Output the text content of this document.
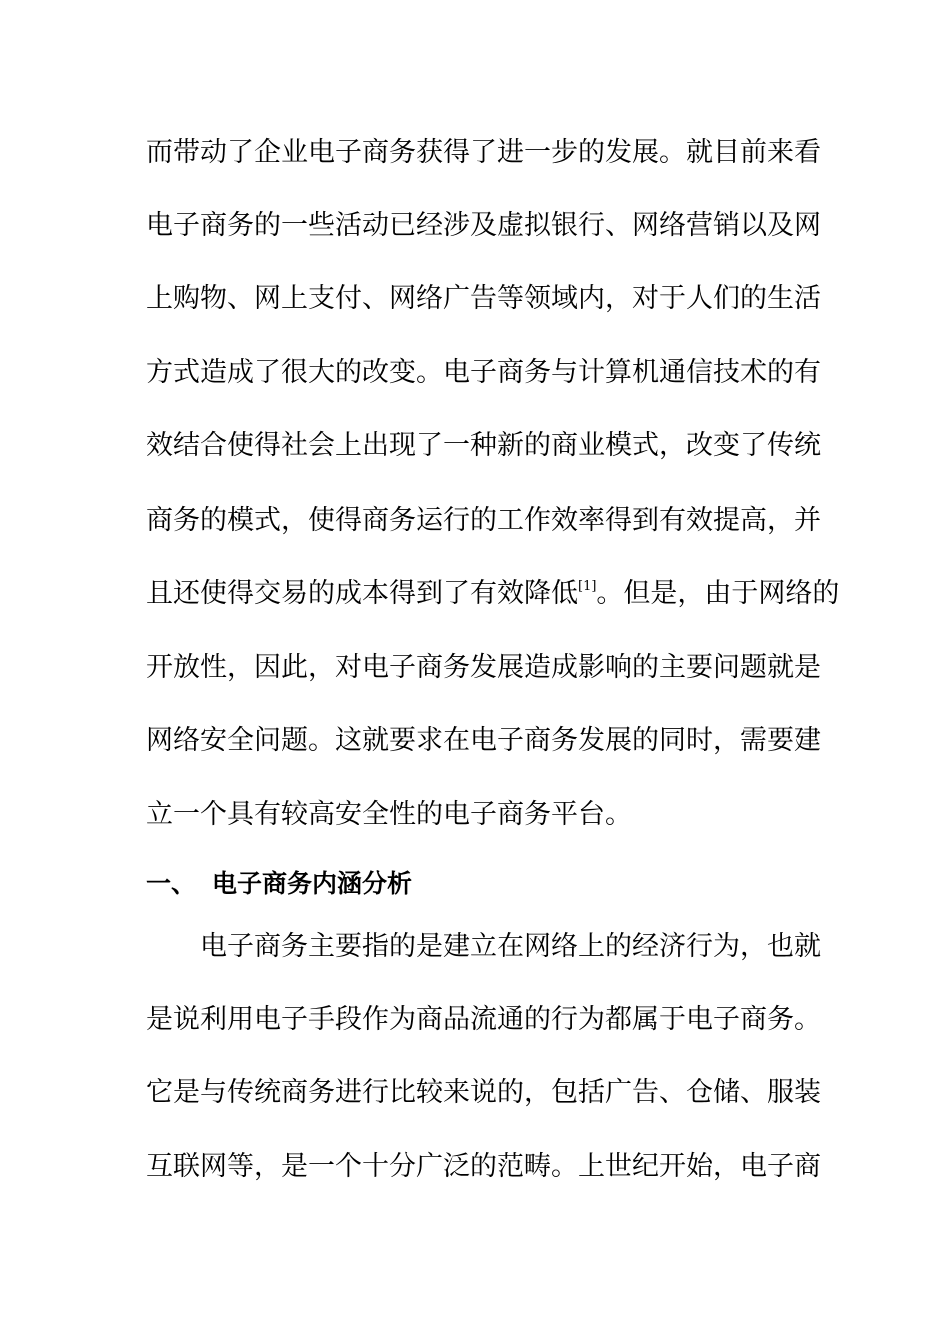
而带动了企业电子商务获得了进一步的发展。就目前来看
电子商务的一些活动已经涉及虚拟银行、网络营销以及网
上购物、网上支付、网络广告等领域内，对于人们的生活
方式造成了很大的改变。电子商务与计算机通信技术的有
效结合使得社会上出现了一种新的商业模式，改变了传统
商务的模式，使得商务运行的工作效率得到有效提高，并
且还使得交易的成本得到了有效降低[1]。但是，由于网络的
开放性，因此，对电子商务发展造成影响的主要问题就是
网络安全问题。这就要求在电子商务发展的同时，需要建
立一个具有较高安全性的电子商务平台。
一、 电子商务内涵分析
电子商务主要指的是建立在网络上的经济行为，也就
是说利用电子手段作为商品流通的行为都属于电子商务。
它是与传统商务进行比较来说的，包括广告、仓储、服装
互联网等，是一个十分广泛的范畴。上世纪开始，电子商
